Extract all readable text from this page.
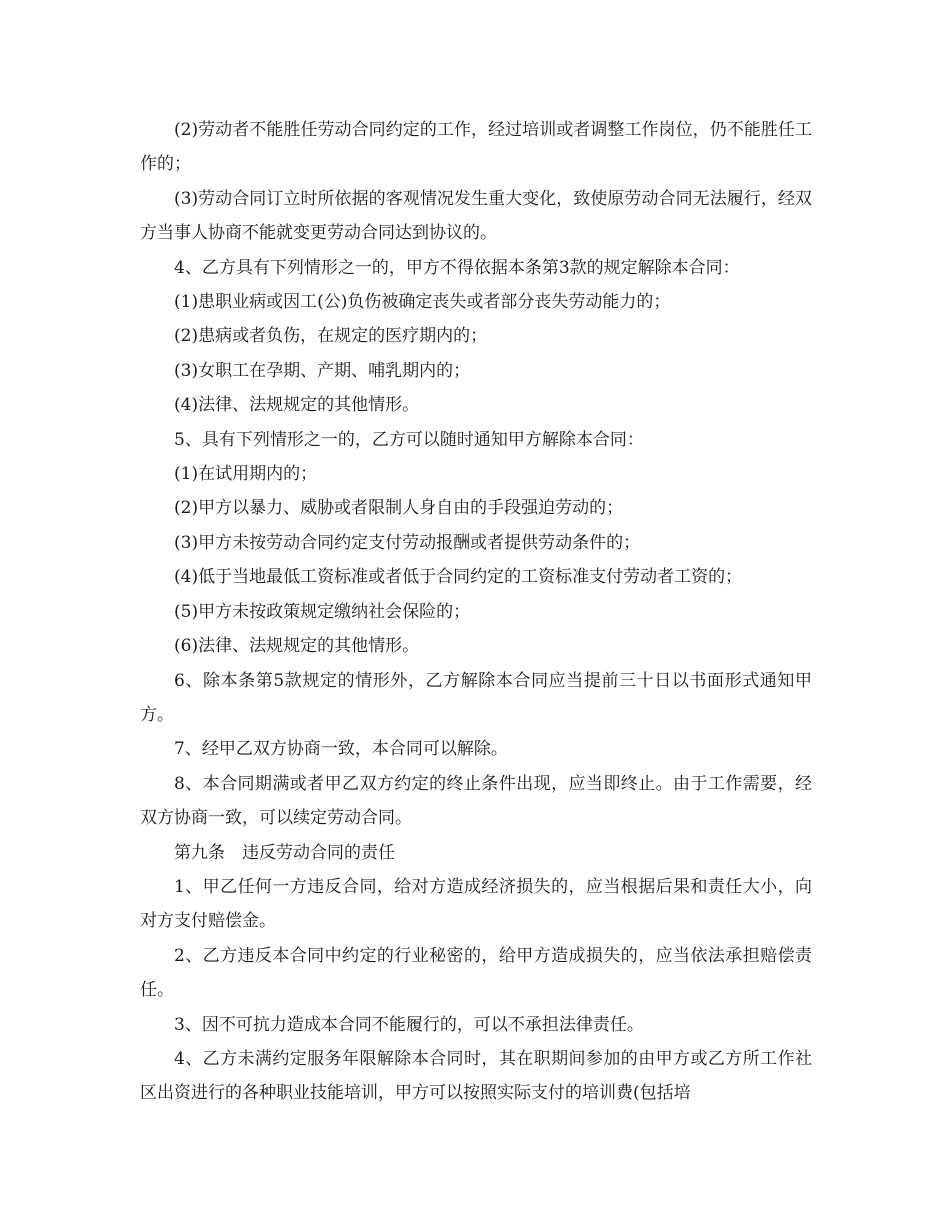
(2)劳动者不能胜任劳动合同约定的工作，经过培训或者调整工作岗位，仍不能胜任工作的；

(3)劳动合同订立时所依据的客观情况发生重大变化，致使原劳动合同无法履行，经双方当事人协商不能就变更劳动合同达到协议的。

4、乙方具有下列情形之一的，甲方不得依据本条第3款的规定解除本合同：

(1)患职业病或因工(公)负伤被确定丧失或者部分丧失劳动能力的；

(2)患病或者负伤，在规定的医疗期内的；

(3)女职工在孕期、产期、哺乳期内的；

(4)法律、法规规定的其他情形。

5、具有下列情形之一的，乙方可以随时通知甲方解除本合同：

(1)在试用期内的；

(2)甲方以暴力、威胁或者限制人身自由的手段强迫劳动的；

(3)甲方未按劳动合同约定支付劳动报酬或者提供劳动条件的；

(4)低于当地最低工资标准或者低于合同约定的工资标准支付劳动者工资的；

(5)甲方未按政策规定缴纳社会保险的；

(6)法律、法规规定的其他情形。

6、除本条第5款规定的情形外，乙方解除本合同应当提前三十日以书面形式通知甲方。

7、经甲乙双方协商一致，本合同可以解除。

8、本合同期满或者甲乙双方约定的终止条件出现，应当即终止。由于工作需要，经双方协商一致，可以续定劳动合同。

第九条　违反劳动合同的责任

1、甲乙任何一方违反合同，给对方造成经济损失的，应当根据后果和责任大小，向对方支付赔偿金。

2、乙方违反本合同中约定的行业秘密的，给甲方造成损失的，应当依法承担赔偿责任。

3、因不可抗力造成本合同不能履行的，可以不承担法律责任。

4、乙方未满约定服务年限解除本合同时，其在职期间参加的由甲方或乙方所工作社区出资进行的各种职业技能培训，甲方可以按照实际支付的培训费(包括培
